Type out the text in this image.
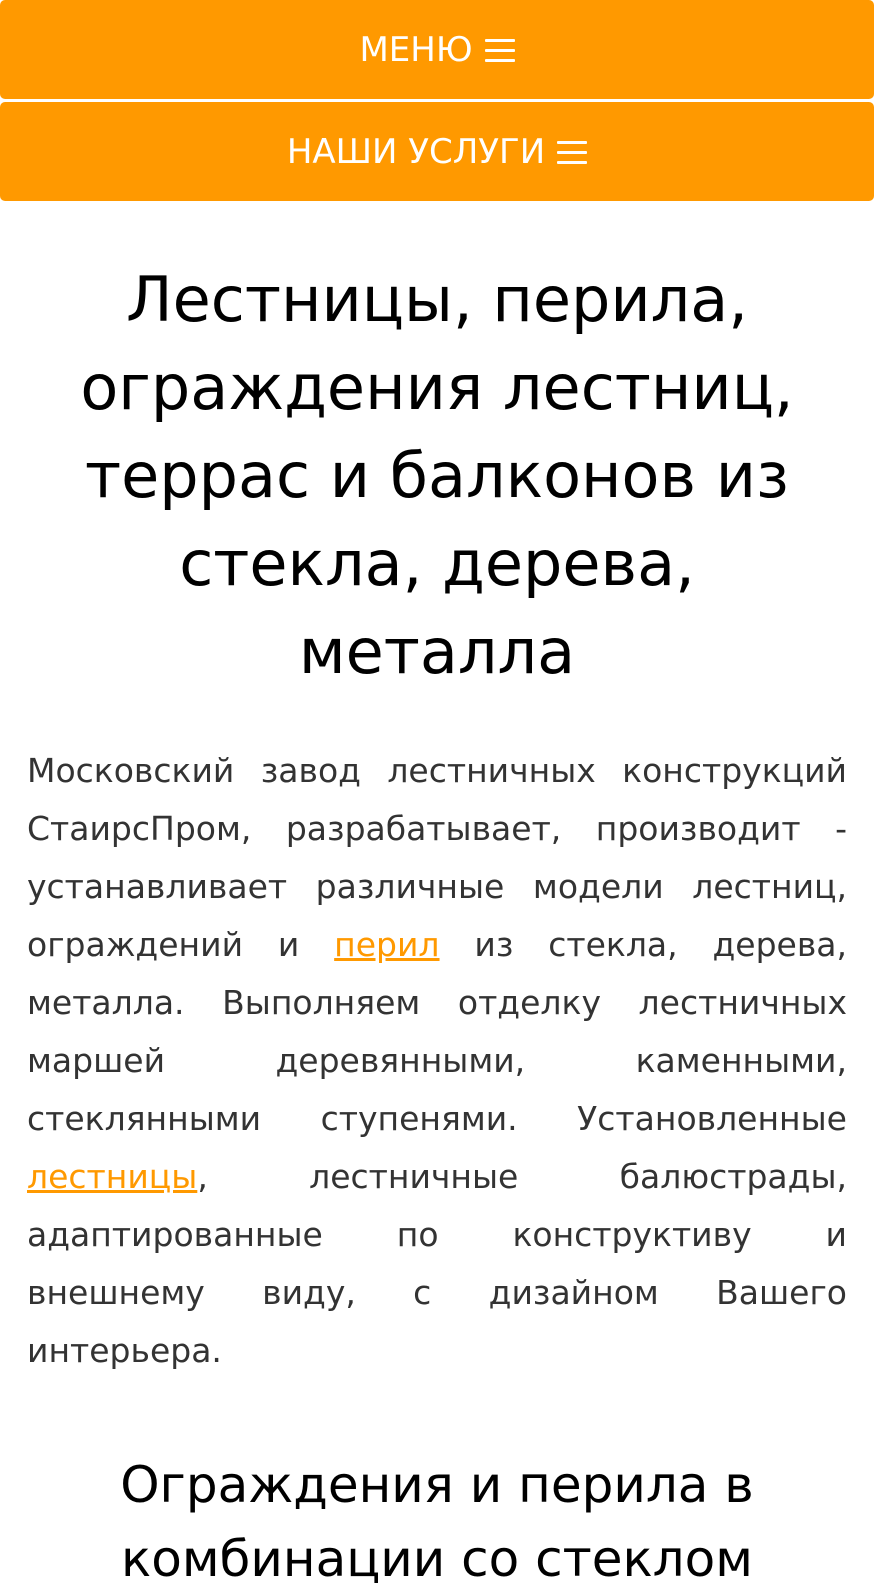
МЕНЮ
НАШИ УСЛУГИ
Лестницы, перила, ограждения лестниц, террас и балконов из стекла, дерева, металла

Московский завод лестничных конструкций СтаирсПром, разрабатывает, производит - устанавливает различные модели лестниц, ограждений и перил из стекла, дерева, металла. Выполняем отделку лестничных маршей деревянными, каменными, стеклянными ступенями. Установленные лестницы, лестничные балюстрады, адаптированные по конструктиву и внешнему виду, с дизайном Вашего интерьера.

Ограждения и перила в комбинации со стеклом
